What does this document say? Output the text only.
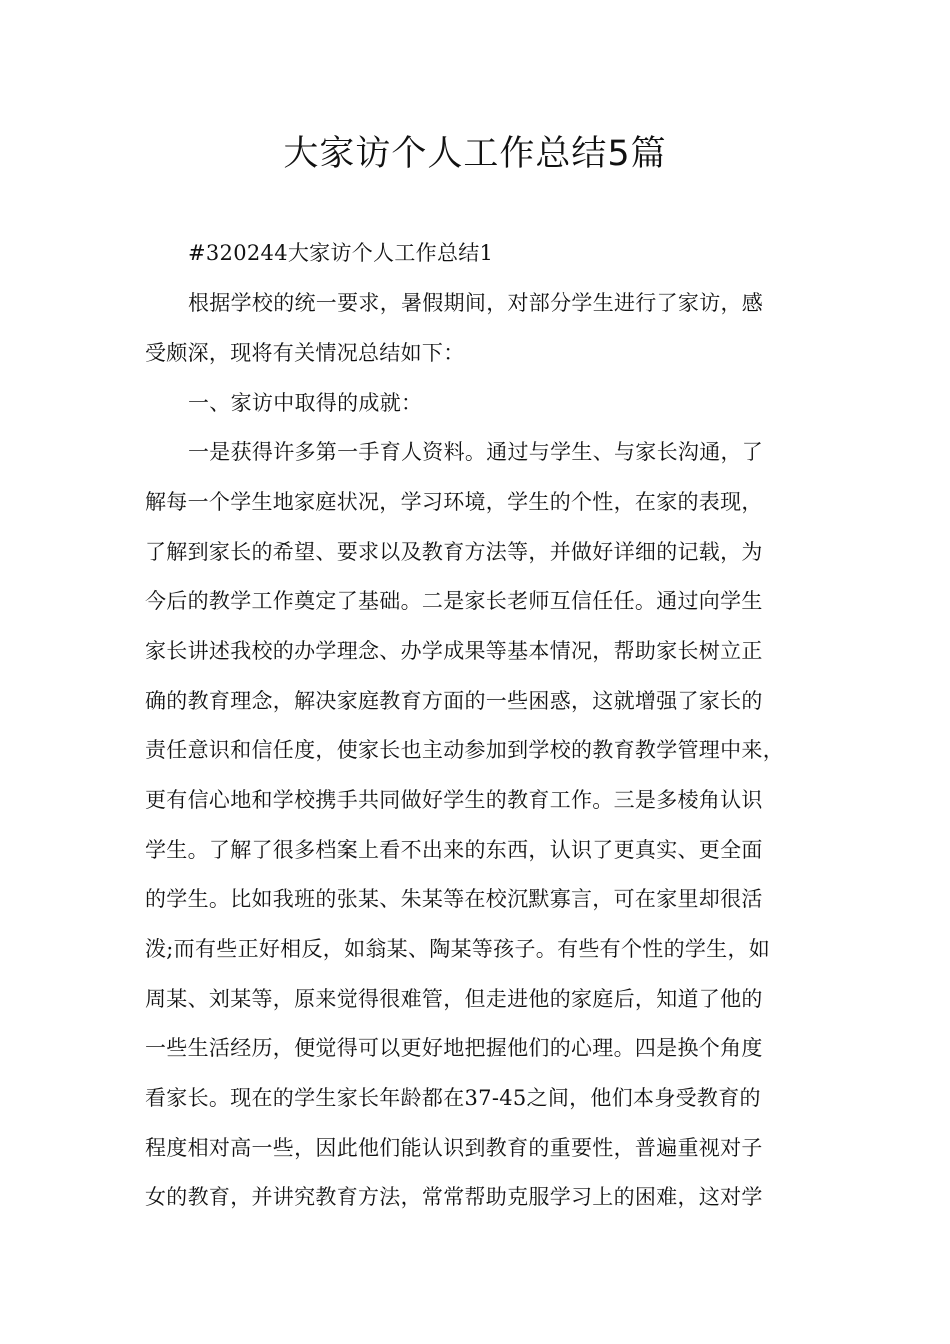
大家访个人工作总结5篇
#320244大家访个人工作总结1
根据学校的统一要求，暑假期间，对部分学生进行了家访，感
受颇深，现将有关情况总结如下：
一、家访中取得的成就：
一是获得许多第一手育人资料。通过与学生、与家长沟通，了
解每一个学生地家庭状况，学习环境，学生的个性，在家的表现，
了解到家长的希望、要求以及教育方法等，并做好详细的记载，为
今后的教学工作奠定了基础。二是家长老师互信任任。通过向学生
家长讲述我校的办学理念、办学成果等基本情况，帮助家长树立正
确的教育理念，解决家庭教育方面的一些困惑，这就增强了家长的
责任意识和信任度，使家长也主动参加到学校的教育教学管理中来，
更有信心地和学校携手共同做好学生的教育工作。三是多棱角认识
学生。了解了很多档案上看不出来的东西，认识了更真实、更全面
的学生。比如我班的张某、朱某等在校沉默寡言，可在家里却很活
泼;而有些正好相反，如翁某、陶某等孩子。有些有个性的学生，如
周某、刘某等，原来觉得很难管，但走进他的家庭后，知道了他的
一些生活经历，便觉得可以更好地把握他们的心理。四是换个角度
看家长。现在的学生家长年龄都在37-45之间，他们本身受教育的
程度相对高一些，因此他们能认识到教育的重要性，普遍重视对子
女的教育，并讲究教育方法，常常帮助克服学习上的困难，这对学
